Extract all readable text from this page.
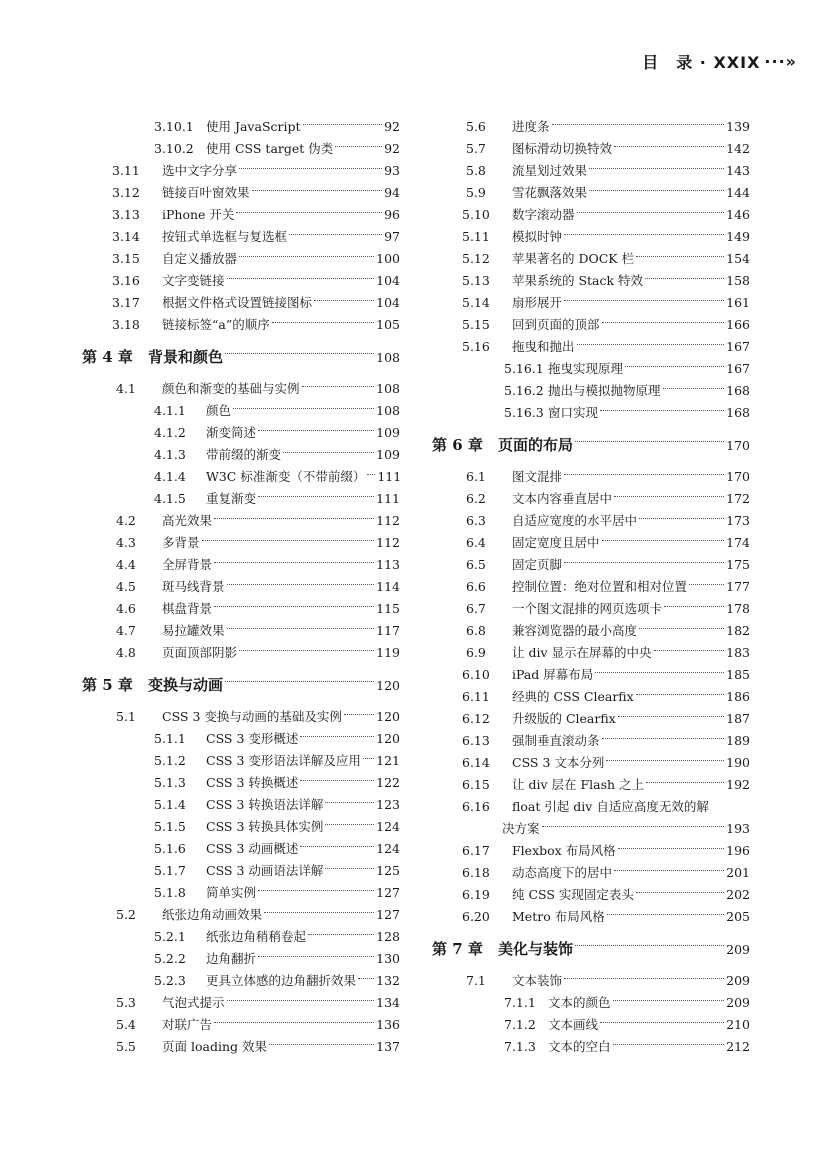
目　录 · XXIX ···»
3.10.1 使用 JavaScript	92
3.10.2 使用 CSS target 伪类	92
3.11	选中文字分享	93
3.12	链接百叶窗效果	94
3.13	iPhone 开关	96
3.14	按钮式单选框与复选框	97
3.15	自定义播放器	100
3.16	文字变链接	104
3.17	根据文件格式设置链接图标	104
3.18	链接标签“a”的顺序	105
第 4 章	背景和颜色	108
4.1	颜色和渐变的基础与实例	108
4.1.1	颜色	108
4.1.2	渐变简述	109
4.1.3	带前缀的渐变	109
4.1.4	W3C 标准渐变（不带前缀） 111
4.1.5	重复渐变	111
4.2	高光效果	112
4.3	多背景	112
4.4	全屏背景	113
4.5	斑马线背景	114
4.6	棋盘背景	115
4.7	易拉罐效果	117
4.8	页面顶部阴影	119
第 5 章	变换与动画	120
5.1	CSS 3 变换与动画的基础及实例	120
5.1.1	CSS 3 变形概述	120
5.1.2	CSS 3 变形语法详解及应用 121
5.1.3	CSS 3 转换概述	122
5.1.4	CSS 3 转换语法详解	123
5.1.5	CSS 3 转换具体实例	124
5.1.6	CSS 3 动画概述	124
5.1.7	CSS 3 动画语法详解	125
5.1.8	简单实例	127
5.2	纸张边角动画效果	127
5.2.1	纸张边角稍稍卷起	128
5.2.2	边角翻折	130
5.2.3	更具立体感的边角翻折效果 132
5.3	气泡式提示	134
5.4	对联广告	136
5.5	页面 loading 效果	137
5.6	进度条	139
5.7	图标滑动切换特效	142
5.8	流星划过效果	143
5.9	雪花飘落效果	144
5.10	数字滚动器	146
5.11	模拟时钟	149
5.12	苹果著名的 DOCK 栏	154
5.13	苹果系统的 Stack 特效	158
5.14	扇形展开	161
5.15	回到页面的顶部	166
5.16	拖曳和抛出	167
5.16.1 拖曳实现原理	167
5.16.2 抛出与模拟抛物原理	168
5.16.3 窗口实现	168
第 6 章	页面的布局	170
6.1	图文混排	170
6.2	文本内容垂直居中	172
6.3	自适应宽度的水平居中	173
6.4	固定宽度且居中	174
6.5	固定页脚	175
6.6	控制位置：绝对位置和相对位置	177
6.7	一个图文混排的网页选项卡	178
6.8	兼容浏览器的最小高度	182
6.9	让 div 显示在屏幕的中央	183
6.10	iPad 屏幕布局	185
6.11	经典的 CSS Clearfix	186
6.12	升级版的 Clearfix	187
6.13	强制垂直滚动条	189
6.14	CSS 3 文本分列	190
6.15	让 div 层在 Flash 之上	192
6.16	float 引起 div 自适应高度无效的解
决方案	193
6.17	Flexbox 布局风格	196
6.18	动态高度下的居中	201
6.19	纯 CSS 实现固定表头	202
6.20	Metro 布局风格	205
第 7 章	美化与装饰	209
7.1	文本装饰	209
7.1.1 文本的颜色	209
7.1.2 文本画线	210
7.1.3 文本的空白	212
